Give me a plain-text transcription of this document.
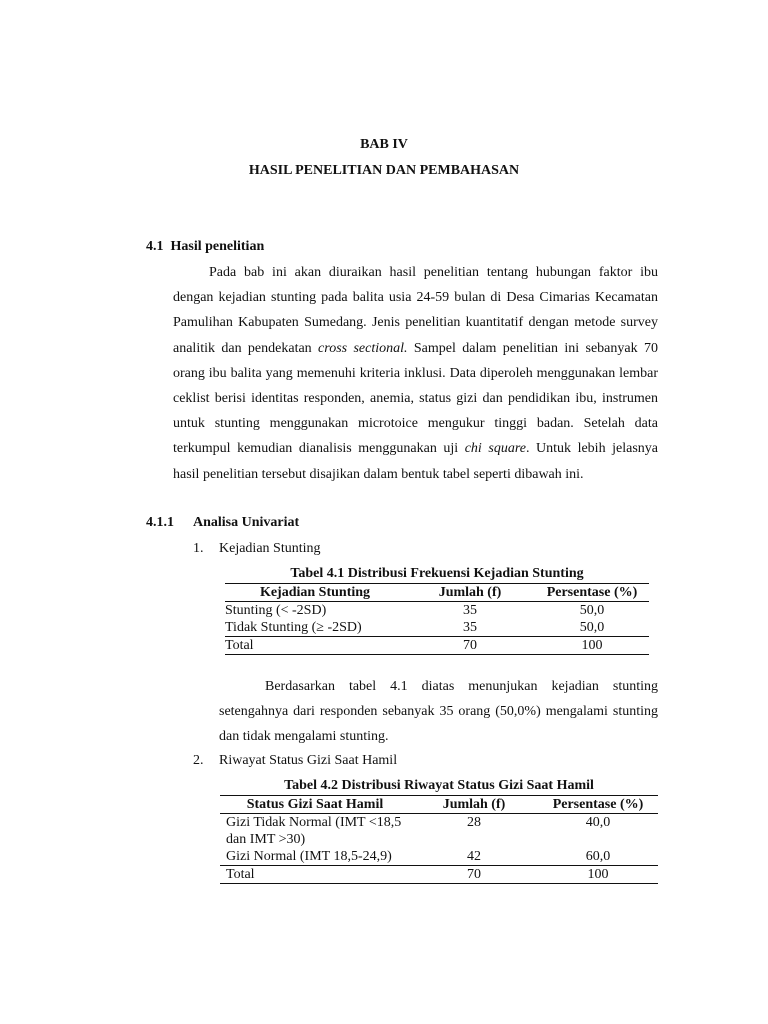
BAB IV
HASIL PENELITIAN DAN PEMBAHASAN
4.1  Hasil penelitian
Pada bab ini akan diuraikan hasil penelitian tentang hubungan faktor ibu dengan kejadian stunting pada balita usia 24-59 bulan di Desa Cimarias Kecamatan Pamulihan Kabupaten Sumedang. Jenis penelitian kuantitatif dengan metode survey analitik dan pendekatan cross sectional. Sampel dalam penelitian ini sebanyak 70 orang ibu balita yang memenuhi kriteria inklusi. Data diperoleh menggunakan lembar ceklist berisi identitas responden, anemia, status gizi dan pendidikan ibu, instrumen untuk stunting menggunakan microtoice mengukur tinggi badan. Setelah data terkumpul kemudian dianalisis menggunakan uji chi square. Untuk lebih jelasnya hasil penelitian tersebut disajikan dalam bentuk tabel seperti dibawah ini.
4.1.1 Analisa Univariat
1. Kejadian Stunting
Tabel 4.1 Distribusi Frekuensi Kejadian Stunting
Kejadian Stunting	Jumlah (f)	Persentase (%)
Stunting (< -2SD)	35	50,0
Tidak Stunting (≥ -2SD)	35	50,0
Total	70	100
Berdasarkan tabel 4.1 diatas menunjukan kejadian stunting setengahnya dari responden sebanyak 35 orang (50,0%) mengalami stunting dan tidak mengalami stunting.
2. Riwayat Status Gizi Saat Hamil
Tabel 4.2 Distribusi Riwayat Status Gizi Saat Hamil
Status Gizi Saat Hamil	Jumlah (f)	Persentase (%)
Gizi Tidak Normal (IMT <18,5 dan IMT >30)	28	40,0
Gizi Normal (IMT 18,5-24,9)	42	60,0
Total	70	100
